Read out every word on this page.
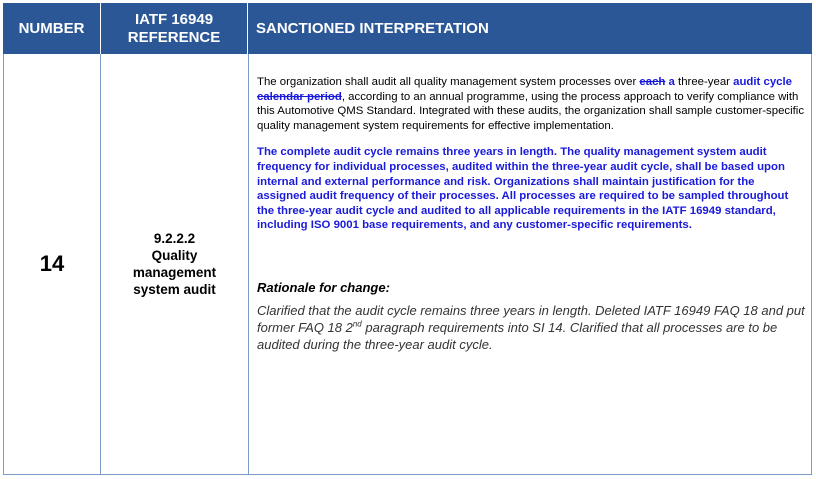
NUMBER
IATF 16949
REFERENCE	SANCTIONED INTERPRETATION
14
9.2.2.2
Quality
management
system audit
The organization shall audit all quality management system processes over each a three-year audit cycle calendar period, according to an annual programme, using the process approach to verify compliance with this Automotive QMS Standard. Integrated with these audits, the organization shall sample customer-specific quality management system requirements for effective implementation.
The complete audit cycle remains three years in length. The quality management system audit frequency for individual processes, audited within the three-year audit cycle, shall be based upon internal and external performance and risk. Organizations shall maintain justification for the assigned audit frequency of their processes. All processes are required to be sampled throughout the three-year audit cycle and audited to all applicable requirements in the IATF 16949 standard, including ISO 9001 base requirements, and any customer-specific requirements.
Rationale for change:
Clarified that the audit cycle remains three years in length. Deleted IATF 16949 FAQ 18 and put former FAQ 18 2nd paragraph requirements into SI 14. Clarified that all processes are to be audited during the three-year audit cycle.
